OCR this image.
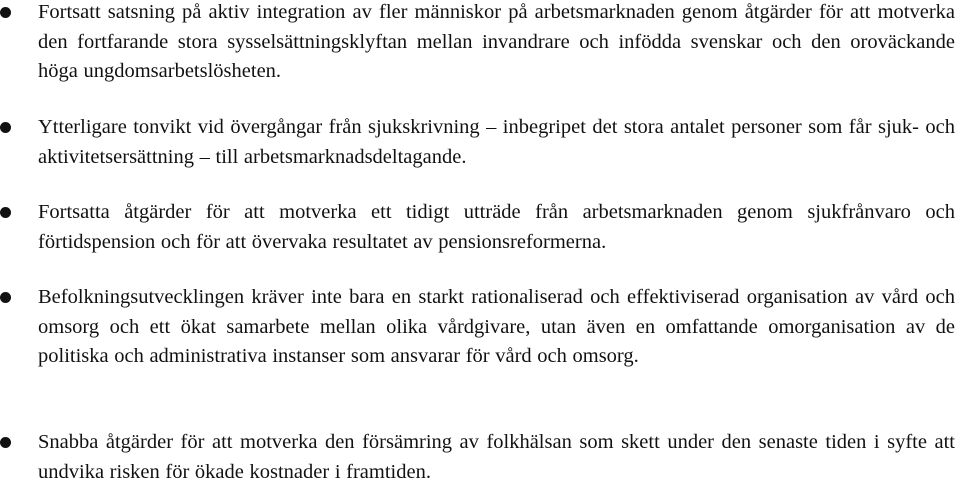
Fortsatt satsning på aktiv integration av fler människor på arbetsmarknaden genom åtgärder för att motverka den fortfarande stora sysselsättningsklyftan mellan invandrare och infödda svenskar och den oroväckande höga ungdomsarbetslösheten.
Ytterligare tonvikt vid övergångar från sjukskrivning – inbegripet det stora antalet personer som får sjuk- och aktivitetsersättning – till arbetsmarknadsdeltagande.
Fortsatta åtgärder för att motverka ett tidigt utträde från arbetsmarknaden genom sjukfrånvaro och förtidspension och för att övervaka resultatet av pensionsreformerna.
Befolkningsutvecklingen kräver inte bara en starkt rationaliserad och effektiviserad organisation av vård och omsorg och ett ökat samarbete mellan olika vårdgivare, utan även en omfattande omorganisation av de politiska och administrativa instanser som ansvarar för vård och omsorg.
Snabba åtgärder för att motverka den försämring av folkhälsan som skett under den senaste tiden i syfte att undvika risken för ökade kostnader i framtiden.
